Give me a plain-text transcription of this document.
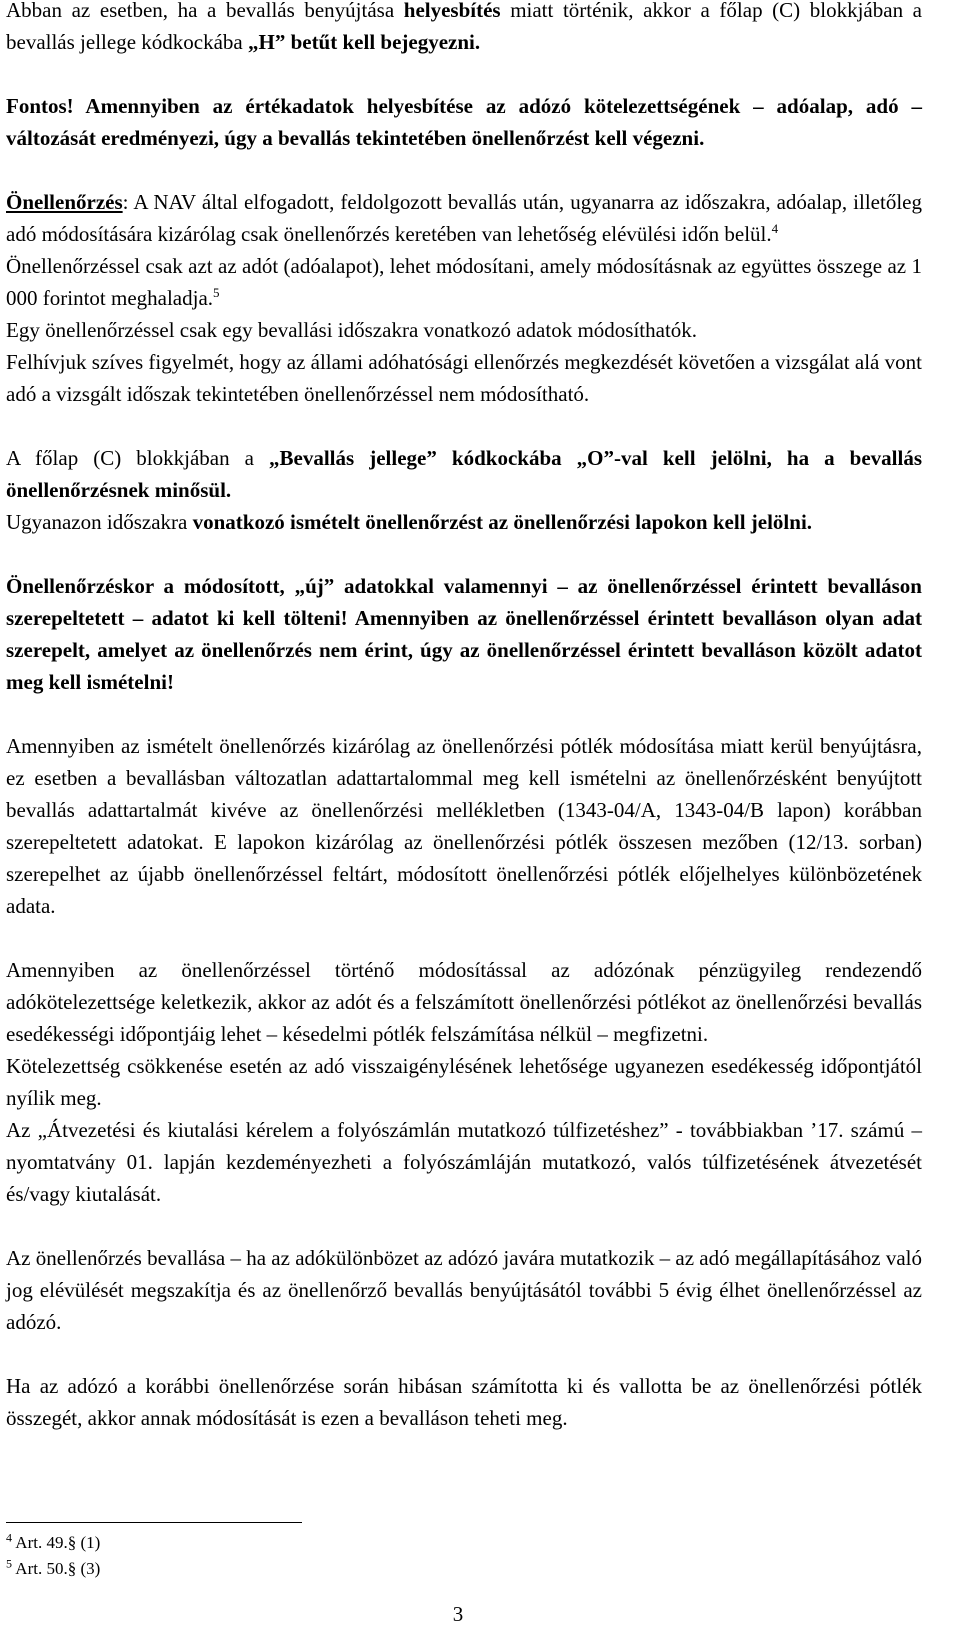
Abban az esetben, ha a bevallás benyújtása helyesbítés miatt történik, akkor a főlap (C) blokkjában a bevallás jellege kódkockába „H” betűt kell bejegyezni.

Fontos! Amennyiben az értékadatok helyesbítése az adózó kötelezettségének – adóalap, adó – változását eredményezi, úgy a bevallás tekintetében önellenőrzést kell végezni.

Önellenőrzés: A NAV által elfogadott, feldolgozott bevallás után, ugyanarra az időszakra, adóalap, illetőleg adó módosítására kizárólag csak önellenőrzés keretében van lehetőség elévülési időn belül.$^4$

Önellenőrzéssel csak azt az adót (adóalapot), lehet módosítani, amely módosításnak az együttes összege az 1 000 forintot meghaladja.$^5$

Egy önellenőrzéssel csak egy bevallási időszakra vonatkozó adatok módosíthatók.

Felhívjuk szíves figyelmét, hogy az állami adóhatósági ellenőrzés megkezdését követően a vizsgálat alá vont adó a vizsgált időszak tekintetében önellenőrzéssel nem módosítható.

A főlap (C) blokkjában a „Bevallás jellege” kódkockába „O”-val kell jelölni, ha a bevallás önellenőrzésnek minősül.

Ugyanazon időszakra vonatkozó ismételt önellenőrzést az önellenőrzési lapokon kell jelölni.

Önellenőrzéskor a módosított, „új” adatokkal valamennyi – az önellenőrzéssel érintett bevalláson szerepeltetett – adatot ki kell tölteni! Amennyiben az önellenőrzéssel érintett bevalláson olyan adat szerepelt, amelyet az önellenőrzés nem érint, úgy az önellenőrzéssel érintett bevalláson közölt adatot meg kell ismételni!

Amennyiben az ismételt önellenőrzés kizárólag az önellenőrzési pótlék módosítása miatt kerül benyújtásra, ez esetben a bevallásban változatlan adattartalommal meg kell ismételni az önellenőrzésként benyújtott bevallás adattartalmát kivéve az önellenőrzési mellékletben (1343-04/A, 1343-04/B lapon) korábban szerepeltetett adatokat. E lapokon kizárólag az önellenőrzési pótlék összesen mezőben (12/13. sorban) szerepelhet az újabb önellenőrzéssel feltárt, módosított önellenőrzési pótlék előjelhelyes különbözetének adata.

Amennyiben az önellenőrzéssel történő módosítással az adózónak pénzügyileg rendezendő adókötelezettsége keletkezik, akkor az adót és a felszámított önellenőrzési pótlékot az önellenőrzési bevallás esedékességi időpontjáig lehet – késedelmi pótlék felszámítása nélkül – megfizetni.

Kötelezettség csökkenése esetén az adó visszaigénylésének lehetősége ugyanezen esedékesség időpontjától nyílik meg.

Az „Átvezetési és kiutalási kérelem a folyószámlán mutatkozó túlfizetéshez” - továbbiakban ’17. számú – nyomtatvány 01. lapján kezdeményezheti a folyószámláján mutatkozó, valós túlfizetésének átvezetését és/vagy kiutalását.

Az önellenőrzés bevallása – ha az adókülönbözet az adózó javára mutatkozik – az adó megállapításához való jog elévülését megszakítja és az önellenőrző bevallás benyújtásától további 5 évig élhet önellenőrzéssel az adózó.

Ha az adózó a korábbi önellenőrzése során hibásan számította ki és vallotta be az önellenőrzési pótlék összegét, akkor annak módosítását is ezen a bevalláson teheti meg.

$^4$ Art. 49.§ (1)
$^5$ Art. 50.§ (3)
3
